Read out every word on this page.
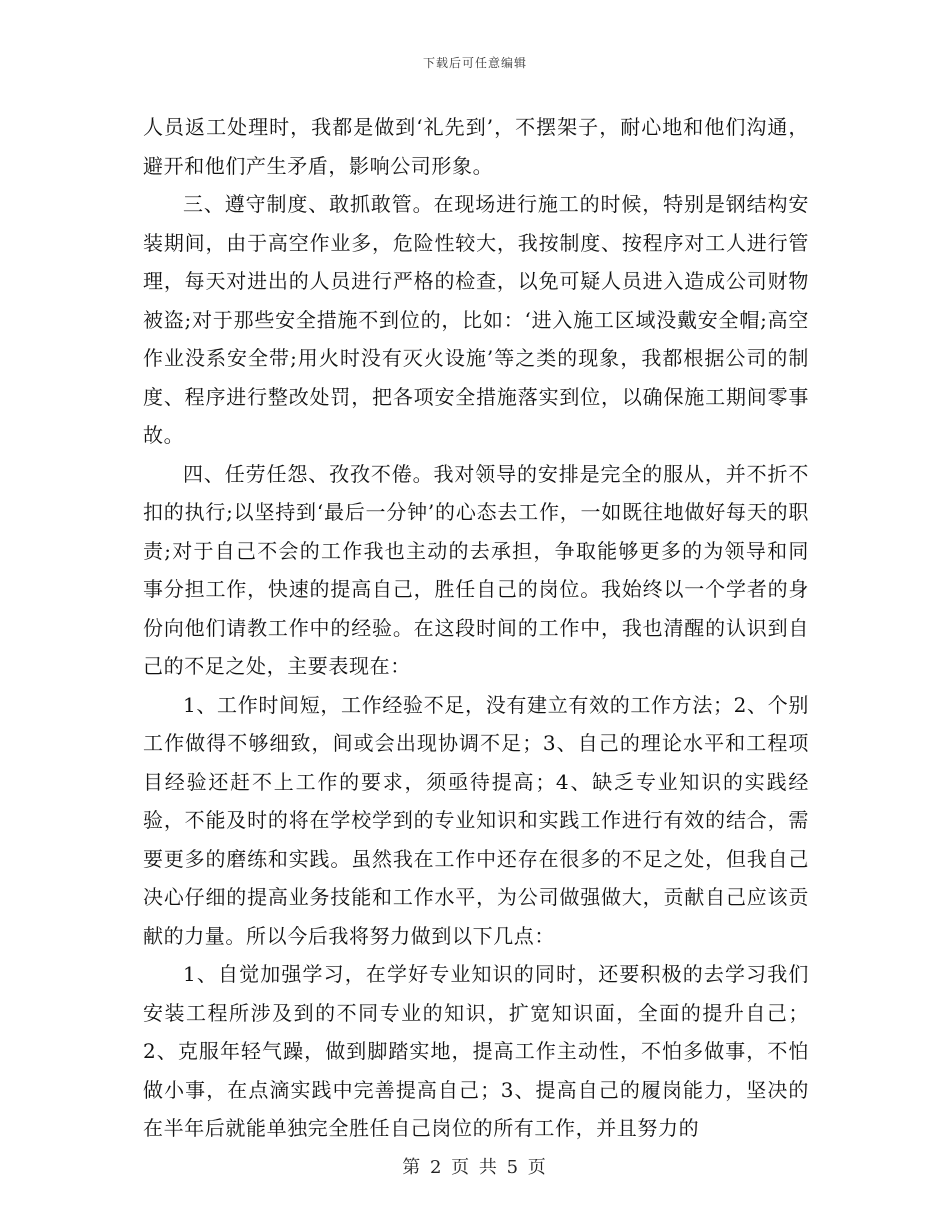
下载后可任意编辑

人员返工处理时，我都是做到‘礼先到’，不摆架子，耐心地和他们沟通，避开和他们产生矛盾，影响公司形象。

三、遵守制度、敢抓敢管。在现场进行施工的时候，特别是钢结构安装期间，由于高空作业多，危险性较大，我按制度、按程序对工人进行管理，每天对进出的人员进行严格的检查，以免可疑人员进入造成公司财物被盗;对于那些安全措施不到位的，比如：‘进入施工区域没戴安全帽;高空作业没系安全带;用火时没有灭火设施’等之类的现象，我都根据公司的制度、程序进行整改处罚，把各项安全措施落实到位，以确保施工期间零事故。

四、任劳任怨、孜孜不倦。我对领导的安排是完全的服从，并不折不扣的执行;以坚持到‘最后一分钟’的心态去工作，一如既往地做好每天的职责;对于自己不会的工作我也主动的去承担，争取能够更多的为领导和同事分担工作，快速的提高自己，胜任自己的岗位。我始终以一个学者的身份向他们请教工作中的经验。在这段时间的工作中，我也清醒的认识到自己的不足之处，主要表现在：

1、工作时间短，工作经验不足，没有建立有效的工作方法；2、个别工作做得不够细致，间或会出现协调不足；3、自己的理论水平和工程项目经验还赶不上工作的要求，须亟待提高；4、缺乏专业知识的实践经验，不能及时的将在学校学到的专业知识和实践工作进行有效的结合，需要更多的磨练和实践。虽然我在工作中还存在很多的不足之处，但我自己决心仔细的提高业务技能和工作水平，为公司做强做大，贡献自己应该贡献的力量。所以今后我将努力做到以下几点：

1、自觉加强学习，在学好专业知识的同时，还要积极的去学习我们安装工程所涉及到的不同专业的知识，扩宽知识面，全面的提升自己；2、克服年轻气躁，做到脚踏实地，提高工作主动性，不怕多做事，不怕做小事，在点滴实践中完善提高自己；3、提高自己的履岗能力，坚决的在半年后就能单独完全胜任自己岗位的所有工作，并且努力的

第 2 页 共 5 页
